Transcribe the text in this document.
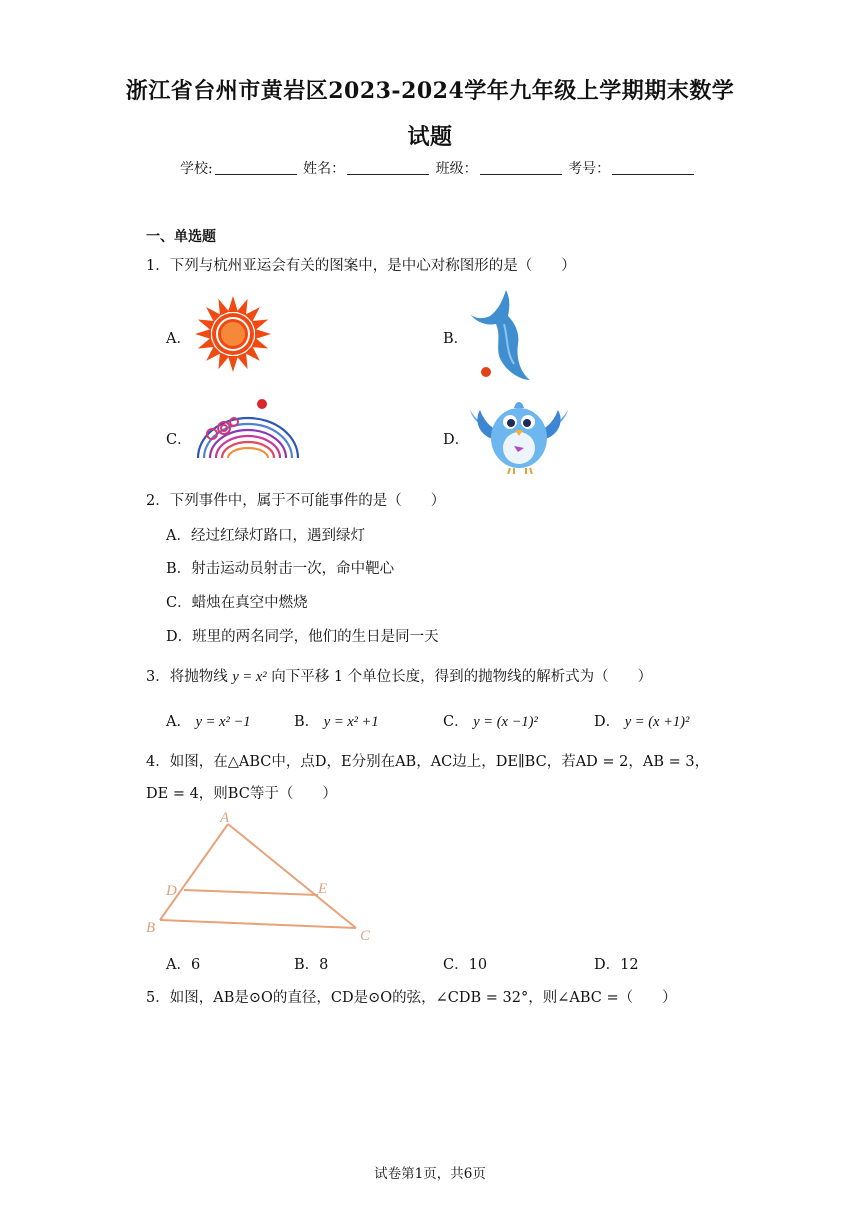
浙江省台州市黄岩区2023-2024学年九年级上学期期末数学
试题
学校:	姓名：	班级：	考号：
一、单选题
1．下列与杭州亚运会有关的图案中，是中心对称图形的是（　　）
A．	B．
C．	D．
2．下列事件中，属于不可能事件的是（　　）
A．经过红绿灯路口，遇到绿灯
B．射击运动员射击一次，命中靶心
C．蜡烛在真空中燃烧
D．班里的两名同学，他们的生日是同一天
3．将抛物线 y = x² 向下平移 1 个单位长度，得到的抛物线的解析式为（　　）
A． y = x² −1	B． y = x² +1	C． y = (x −1)²	D． y = (x +1)²
4．如图，在△ABC中，点D，E分别在AB，AC边上，DE∥BC，若AD = 2，AB = 3，
DE = 4，则BC等于（　　）
A
B	C
D	E
A．6	B．8	C．10	D．12
5．如图，AB是⊙O的直径，CD是⊙O的弦，∠CDB = 32°，则∠ABC =（　　）
试卷第1页，共6页
